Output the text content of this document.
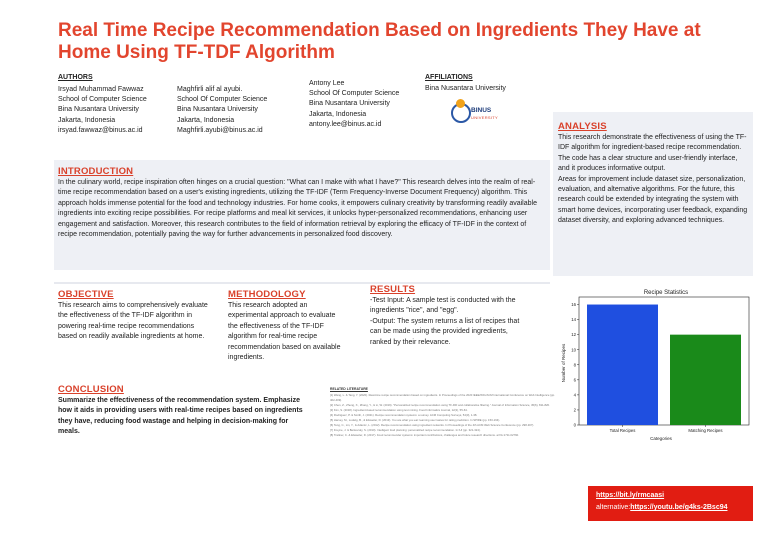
Real Time Recipe Recommendation Based on Ingredients They Have at Home Using TF-TDF Algorithm
AUTHORS
Irsyad Muhammad Fawwaz
School of Computer Science
Bina Nusantara University
Jakarta, Indonesia
irsyad.fawwaz@binus.ac.id
Maghfirli alif al ayubi.
School Of Computer Science
Bina Nusantara University
Jakarta, Indonesia
Maghfirli.ayubi@binus.ac.id
Antony Lee
School Of Computer Science
Bina Nusantara University
Jakarta, Indonesia
antony.lee@binus.ac.id
AFFILIATIONS
Bina Nusantara University
BINUS
UNIVERSITY
ANALYSIS
This research demonstrate the effectiveness of using the TF-IDF algorithm for ingredient-based recipe recommendation. The code has a clear structure and user-friendly interface, and it produces informative output.
Areas for improvement include dataset size, personalization, evaluation, and alternative algorithms. For the future, this research could be extended by integrating the system with smart home devices, incorporating user feedback, expanding dataset diversity, and exploring advanced techniques.
INTRODUCTION
In the culinary world, recipe inspiration often hinges on a crucial question: "What can I make with what I have?" This research delves into the realm of real-time recipe recommendation based on a user's existing ingredients, utilizing the TF-IDF (Term Frequency-Inverse Document Frequency) algorithm. This approach holds immense potential for the food and technology industries. For home cooks, it empowers culinary creativity by transforming readily available ingredients into exciting recipe possibilities. For recipe platforms and meal kit services, it unlocks hyper-personalized recommendations, enhancing user engagement and satisfaction. Moreover, this research contributes to the field of information retrieval by exploring the efficacy of TF-IDF in the context of recipe recommendation, potentially paving the way for further advancements in personalized food discovery.
OBJECTIVE
This research aims to comprehensively evaluate the effectiveness of the TF-IDF algorithm in powering real-time recipe recommendations based on readily available ingredients at home.
METHODOLOGY
This research adopted an experimental approach to evaluate the effectiveness of the TF-IDF algorithm for real-time recipe recommendation based on available ingredients.
RESULTS
-Test Input: A sample test is conducted with the ingredients "rice", and "egg".
-Output: The system returns a list of recipes that can be made using the provided ingredients, ranked by their relevance.
CONCLUSION
Summarize the effectiveness of the recommendation system. Emphasize how it aids in providing users with real-time recipes based on ingredients they have, reducing food wastage and helping in decision-making for meals.
RELATED LITERATURE
[1] Wang, L. & Tang, Y. (2020). Real-time recipe recommendation based on ingredients. In Proceedings of the 2020 IEEE/WIC/ACM International Conference on Web Intelligence (pp. 402-409).
[2] Chen, Z., Zheng, X., Zhang, Y., & Li, W. (2019). "Personalized recipe recommendation using TF-IDF and collaborative filtering." Journal of Information Science, 45(6), 811-820.
[3] Kim, S. (2018). Ingredient-based recommendation using text mining. Food Informatics Journal, 12(2), 55-64.
[4] Rodriguez, P. & Smith, J. (2021). Recipe recommendation systems: a survey. ACM Computing Surveys, 54(3), 1-38.
[5] Harvey, M., Ludwig, B., & Elsweiler, D. (2013). You are what you eat: learning user tastes for rating prediction. In SPIRE (pp. 153-164).
[6] Teng, C., Lin, Y., & Adamic, L. (2012). Recipe recommendation using ingredient networks. In Proceedings of the 4th ACM Web Science Conference (pp. 298-307).
[7] Freyne, J. & Berkovsky, S. (2010). Intelligent food planning: personalized recipe recommendation. In IUI (pp. 321-324).
[8] Trattner, C. & Elsweiler, D. (2017). Food recommender systems: important contributions, challenges and future research directions. arXiv:1711.02760.
Recipe Statistics
Number of Recipes
Categories
Total Recipes	Matching Recipes
0
2
4
6
8
10
12
14
16
https://bit.ly/rmcaasi
alternative:https://youtu.be/g4ks-2Bsc94
